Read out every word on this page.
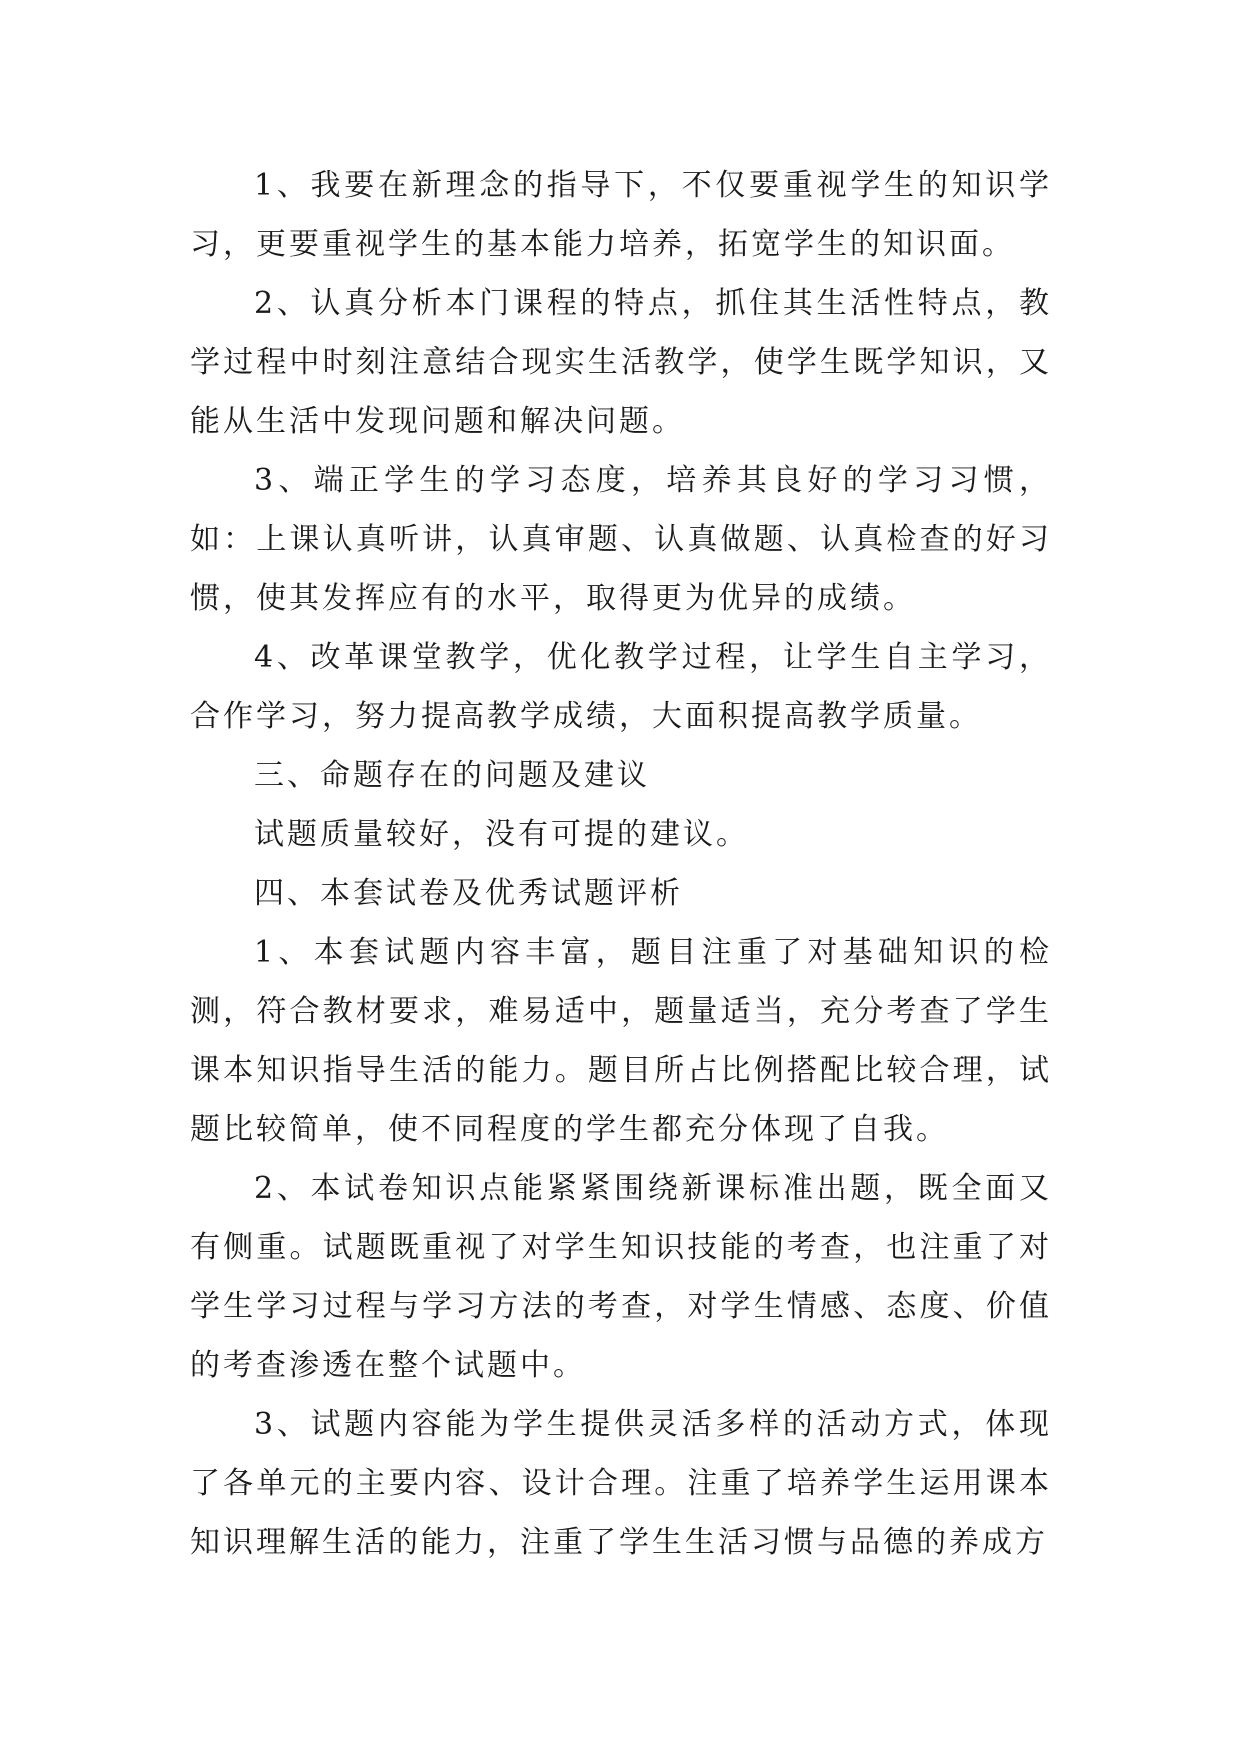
1、我要在新理念的指导下，不仅要重视学生的知识学习，更要重视学生的基本能力培养，拓宽学生的知识面。

2、认真分析本门课程的特点，抓住其生活性特点，教学过程中时刻注意结合现实生活教学，使学生既学知识，又能从生活中发现问题和解决问题。

3、端正学生的学习态度，培养其良好的学习习惯，如：上课认真听讲，认真审题、认真做题、认真检查的好习惯，使其发挥应有的水平，取得更为优异的成绩。

4、改革课堂教学，优化教学过程，让学生自主学习，合作学习，努力提高教学成绩，大面积提高教学质量。

三、命题存在的问题及建议

试题质量较好，没有可提的建议。

四、本套试卷及优秀试题评析

1、本套试题内容丰富，题目注重了对基础知识的检测，符合教材要求，难易适中，题量适当，充分考查了学生课本知识指导生活的能力。题目所占比例搭配比较合理，试题比较简单，使不同程度的学生都充分体现了自我。

2、本试卷知识点能紧紧围绕新课标准出题，既全面又有侧重。试题既重视了对学生知识技能的考查，也注重了对学生学习过程与学习方法的考查，对学生情感、态度、价值的考查渗透在整个试题中。

3、试题内容能为学生提供灵活多样的活动方式，体现了各单元的主要内容、设计合理。注重了培养学生运用课本知识理解生活的能力，注重了学生生活习惯与品德的养成方
